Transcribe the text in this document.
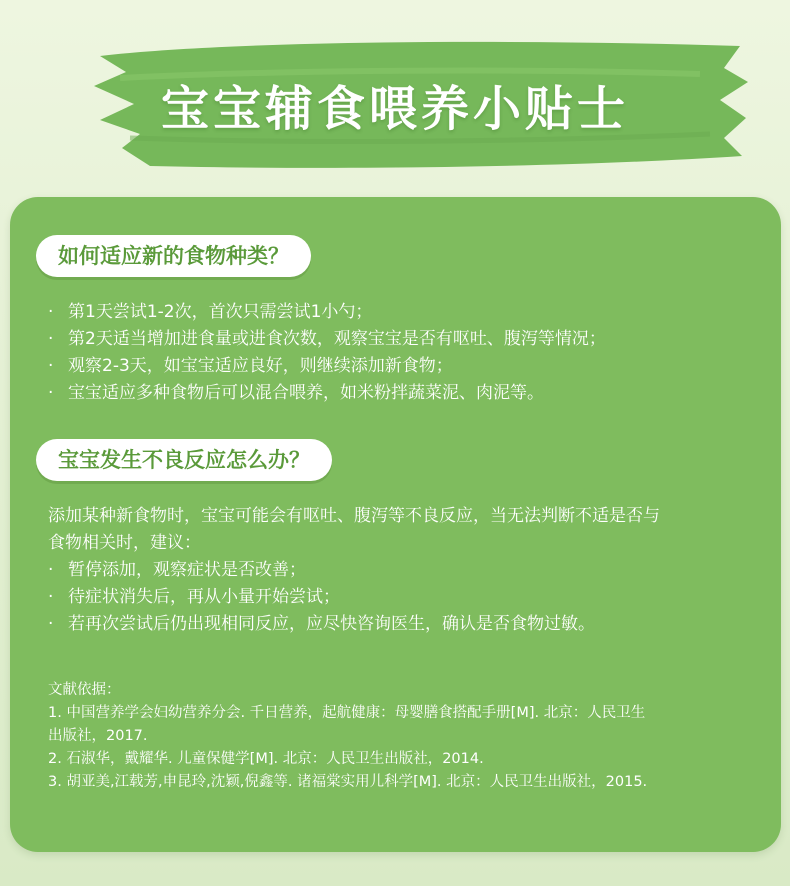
宝宝辅食喂养小贴士
如何适应新的食物种类？
· 第1天尝试1-2次，首次只需尝试1小勺；
· 第2天适当增加进食量或进食次数，观察宝宝是否有呕吐、腹泻等情况；
· 观察2-3天，如宝宝适应良好，则继续添加新食物；
· 宝宝适应多种食物后可以混合喂养，如米粉拌蔬菜泥、肉泥等。
宝宝发生不良反应怎么办？
添加某种新食物时，宝宝可能会有呕吐、腹泻等不良反应，当无法判断不适是否与
食物相关时，建议：
· 暂停添加，观察症状是否改善；
· 待症状消失后，再从小量开始尝试；
· 若再次尝试后仍出现相同反应，应尽快咨询医生，确认是否食物过敏。
文献依据：
1. 中国营养学会妇幼营养分会. 千日营养，起航健康：母婴膳食搭配手册[M]. 北京：人民卫生
出版社，2017.
2. 石淑华，戴耀华. 儿童保健学[M]. 北京：人民卫生出版社，2014.
3. 胡亚美,江载芳,申昆玲,沈颖,倪鑫等. 诸福棠实用儿科学[M]. 北京：人民卫生出版社，2015.
